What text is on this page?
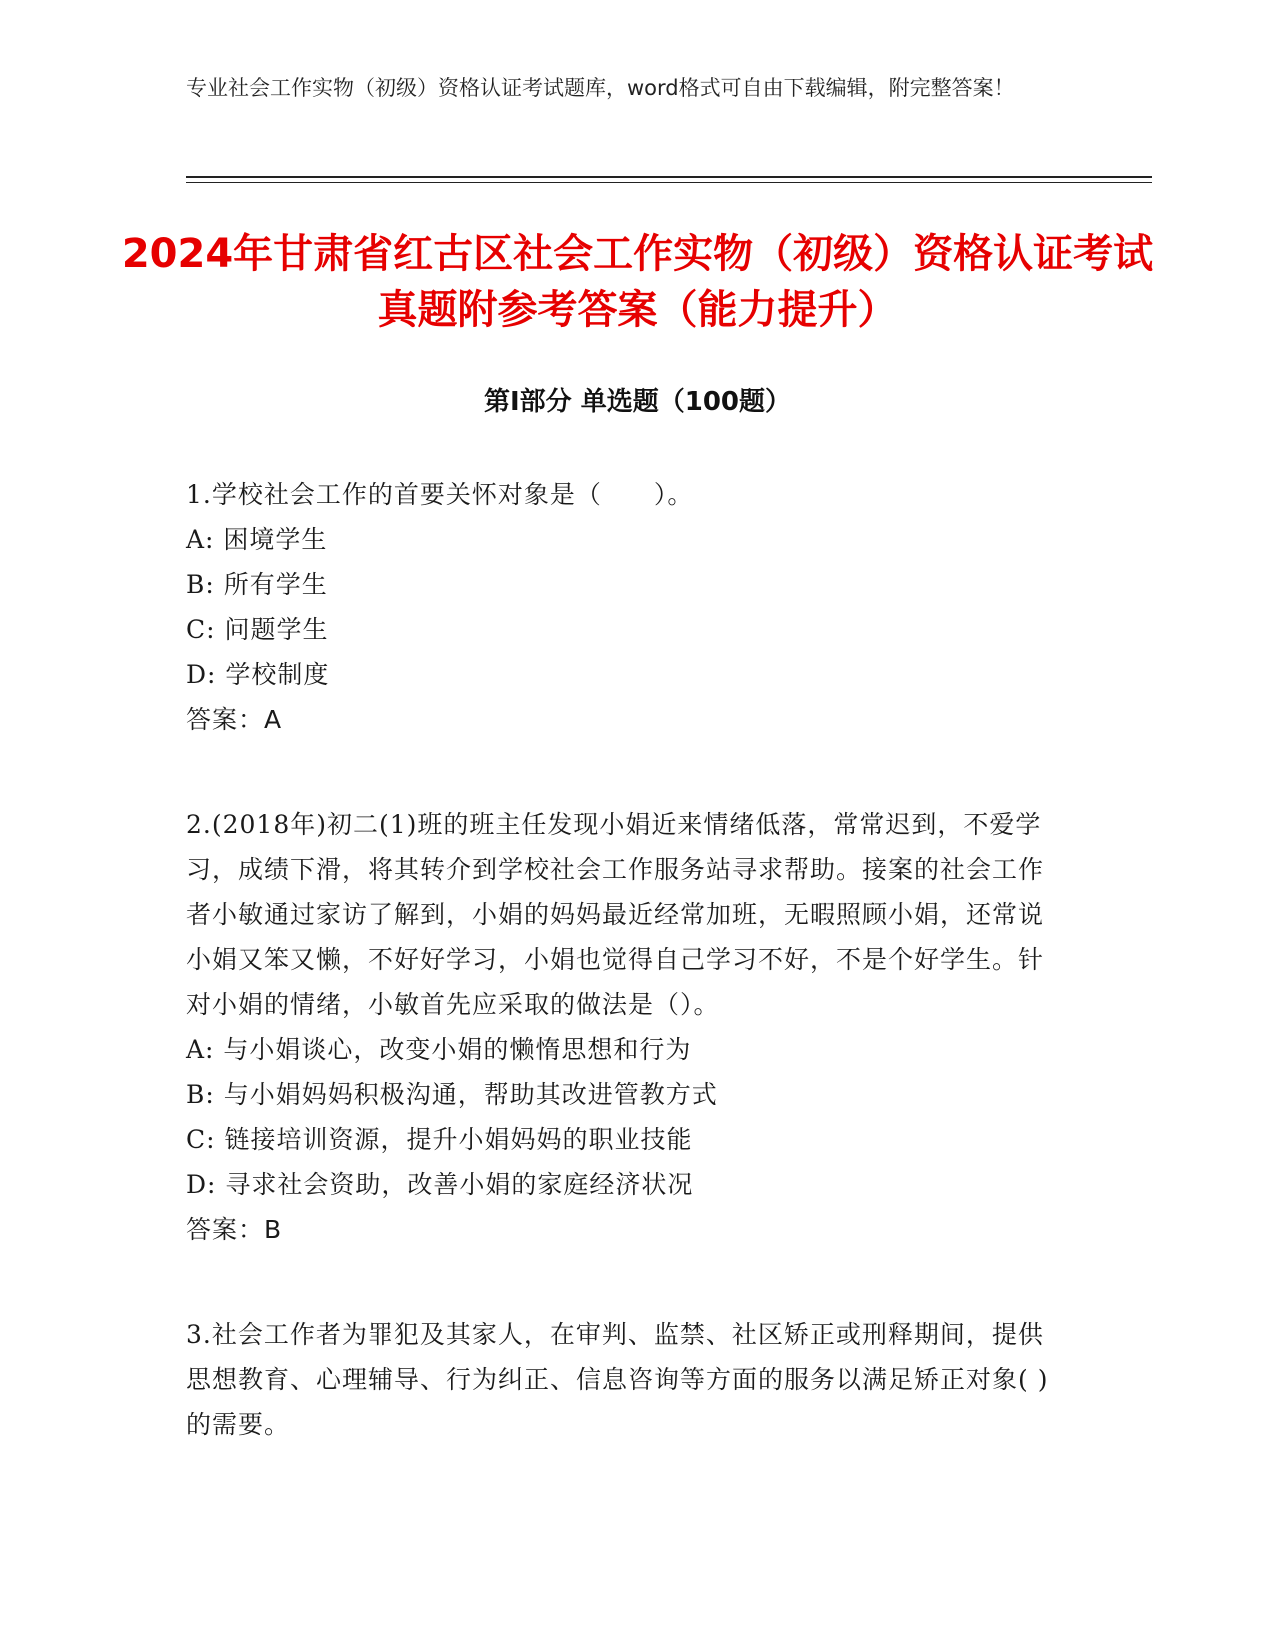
专业社会工作实物（初级）资格认证考试题库，word格式可自由下载编辑，附完整答案！
2024年甘肃省红古区社会工作实物（初级）资格认证考试真题附参考答案（能力提升）
第I部分 单选题（100题）

1.学校社会工作的首要关怀对象是（　　）。

A: 困境学生

B: 所有学生

C: 问题学生

D: 学校制度

答案：A

2.(2018年)初二(1)班的班主任发现小娟近来情绪低落，常常迟到，不爱学习，成绩下滑，将其转介到学校社会工作服务站寻求帮助。接案的社会工作者小敏通过家访了解到，小娟的妈妈最近经常加班，无暇照顾小娟，还常说小娟又笨又懒，不好好学习，小娟也觉得自己学习不好，不是个好学生。针对小娟的情绪，小敏首先应采取的做法是（）。

A: 与小娟谈心，改变小娟的懒惰思想和行为

B: 与小娟妈妈积极沟通，帮助其改进管教方式

C: 链接培训资源，提升小娟妈妈的职业技能

D: 寻求社会资助，改善小娟的家庭经济状况

答案：B

3.社会工作者为罪犯及其家人，在审判、监禁、社区矫正或刑释期间，提供思想教育、心理辅导、行为纠正、信息咨询等方面的服务以满足矫正对象( )的需要。
